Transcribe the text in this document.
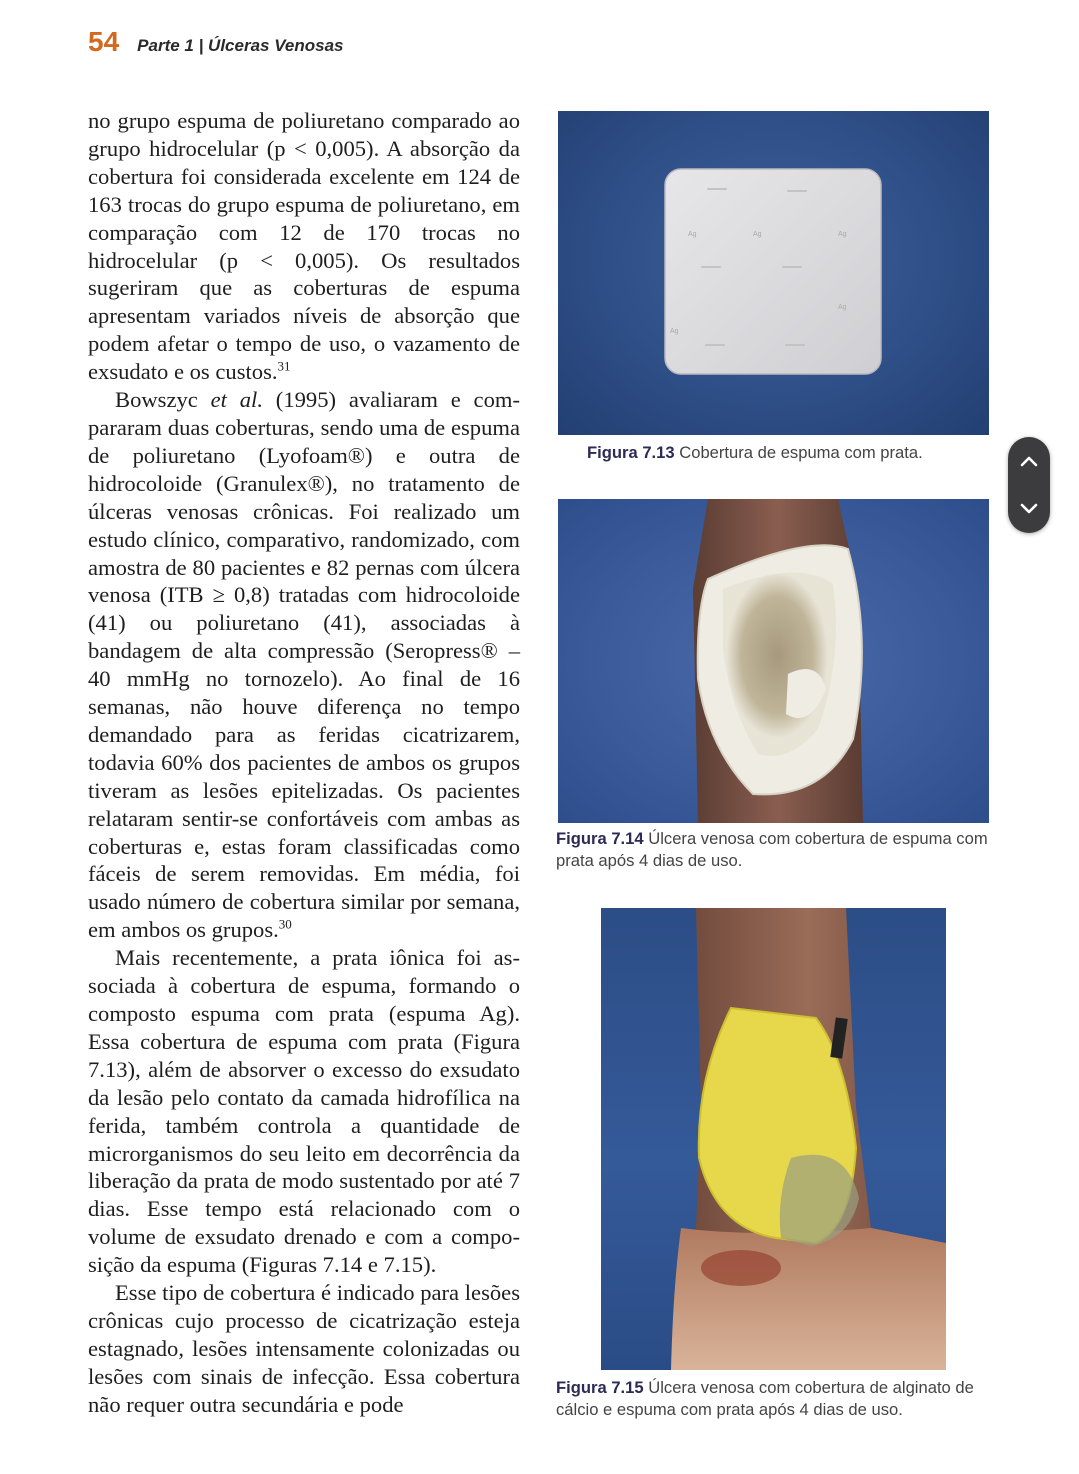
54 Parte 1 | Úlceras Venosas

no grupo espuma de poliuretano comparado ao grupo hidrocelular (p < 0,005). A absorção da cobertura foi considerada excelente em 124 de 163 trocas do grupo espuma de poliuretano, em comparação com 12 de 170 trocas no hidrocelular (p < 0,005). Os resultados sugeriram que as coberturas de espuma apresentam variados níveis de absorção que podem afetar o tempo de uso, o vazamento de exsudato e os custos.$^{31}$

Bowszyc et al. (1995) avaliaram e compararam duas coberturas, sendo uma de espuma de poliuretano (Lyofoam®) e outra de hidrocoloide (Granulex®), no tratamento de úlceras venosas crônicas. Foi realizado um estudo clínico, comparativo, randomizado, com amostra de 80 pacientes e 82 pernas com úlcera venosa (ITB ≥ 0,8) tratadas com hidrocoloide (41) ou poliuretano (41), associadas à bandagem de alta compressão (Seropress® – 40 mmHg no tornozelo). Ao final de 16 semanas, não houve diferença no tempo demandado para as feridas cicatrizarem, todavia 60% dos pacientes de ambos os grupos tiveram as lesões epitelizadas. Os pacientes relataram sentir-se confortáveis com ambas as coberturas e, estas foram classificadas como fáceis de serem removidas. Em média, foi usado número de cobertura similar por semana, em ambos os grupos.$^{30}$

Mais recentemente, a prata iônica foi associada à cobertura de espuma, formando o composto espuma com prata (espuma Ag). Essa cobertura de espuma com prata (Figura 7.13), além de absorver o excesso do exsudato da lesão pelo contato da camada hidrofílica na ferida, também controla a quantidade de microrganismos do seu leito em decorrência da liberação da prata de modo sustentado por até 7 dias. Esse tempo está relacionado com o volume de exsudato drenado e com a composição da espuma (Figuras 7.14 e 7.15).

Esse tipo de cobertura é indicado para lesões crônicas cujo processo de cicatrização esteja estagnado, lesões intensamente colonizadas ou lesões com sinais de infecção. Essa cobertura não requer outra secundária e pode

Ag	Ag	Ag
Ag
Ag
Figura 7.13 Cobertura de espuma com prata.
Figura 7.14 Úlcera venosa com cobertura de espuma com prata após 4 dias de uso.
Figura 7.15 Úlcera venosa com cobertura de alginato de cálcio e espuma com prata após 4 dias de uso.
